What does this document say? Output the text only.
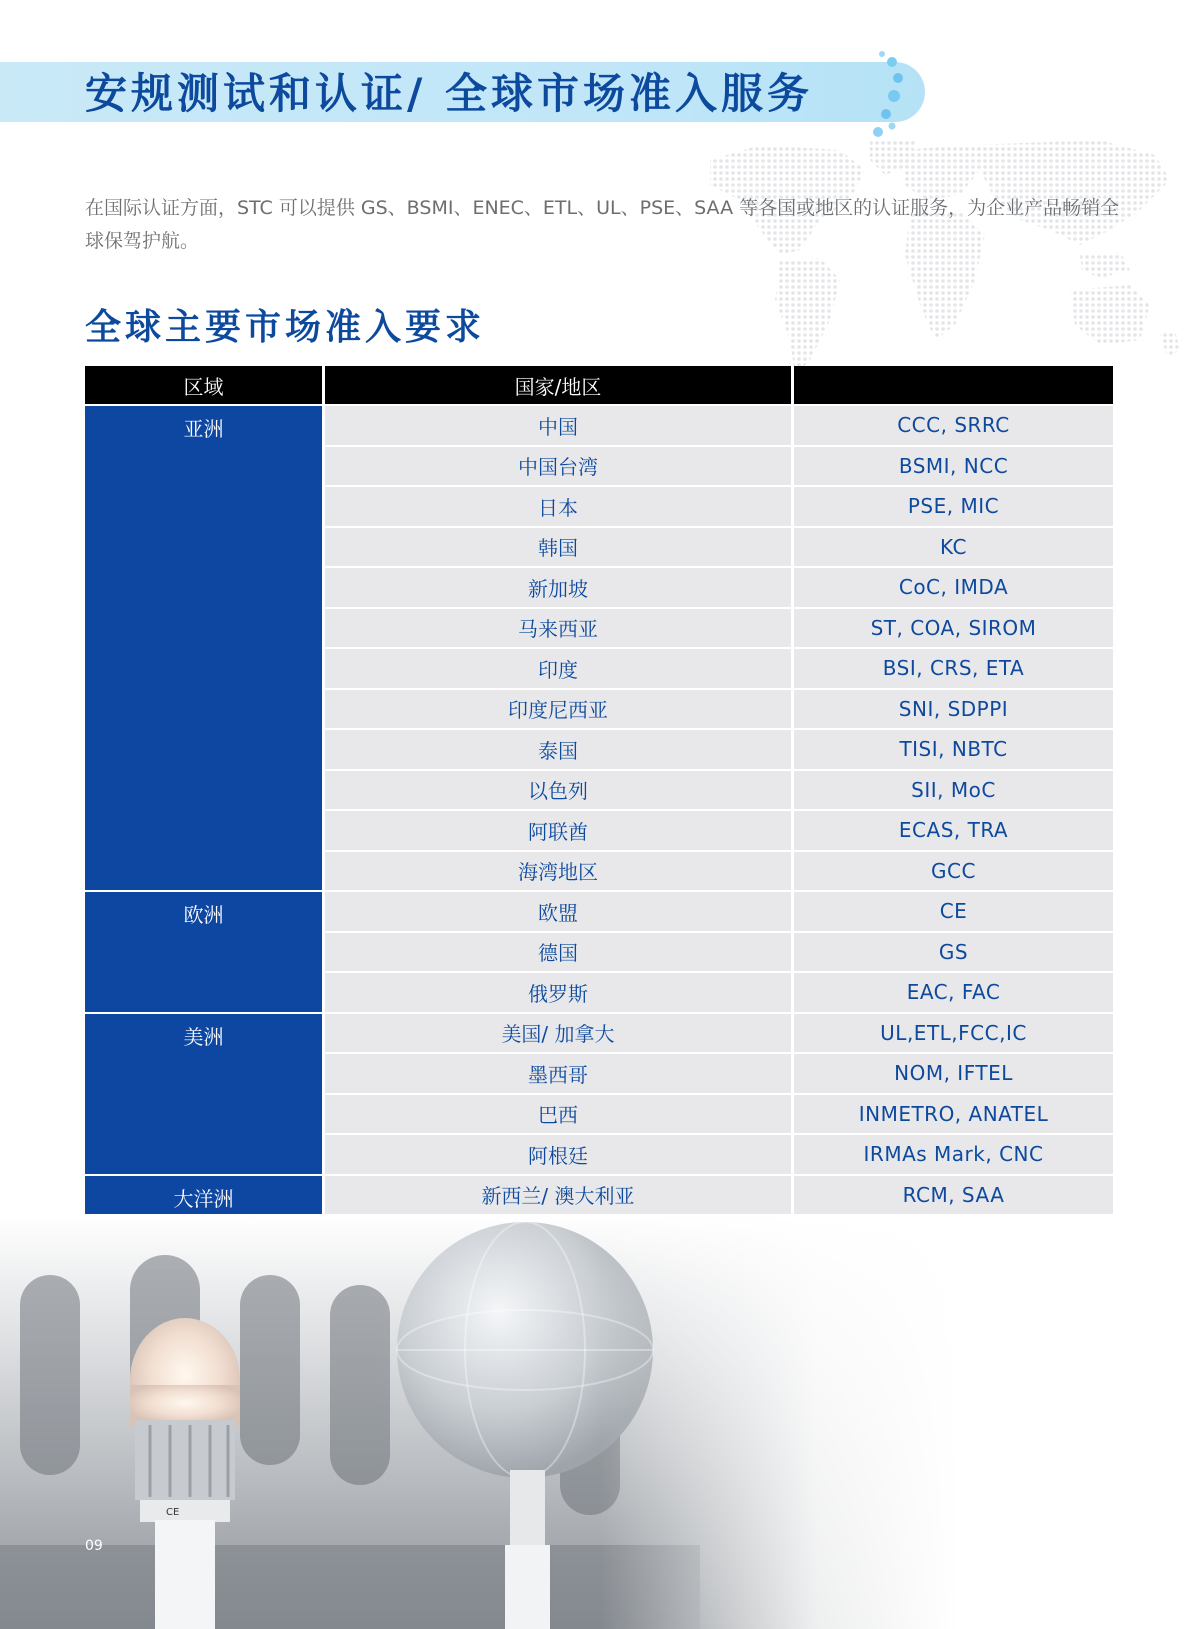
安规测试和认证/ 全球市场准入服务
在国际认证方面，STC 可以提供 GS、BSMI、ENEC、ETL、UL、PSE、SAA 等各国或地区的认证服务，为企业产品畅销全球保驾护航。
全球主要市场准入要求
区域	国家/地区
亚洲	中国	CCC, SRRC
中国台湾	BSMI, NCC
日本	PSE, MIC
韩国	KC
新加坡	CoC, IMDA
马来西亚	ST, COA, SIROM
印度	BSI, CRS, ETA
印度尼西亚	SNI, SDPPI
泰国	TISI, NBTC
以色列	SII, MoC
阿联酋	ECAS, TRA
海湾地区	GCC
欧洲	欧盟	CE
德国	GS
俄罗斯	EAC, FAC
美洲	美国/ 加拿大	UL,ETL,FCC,IC
墨西哥	NOM, IFTEL
巴西	INMETRO, ANATEL
阿根廷	IRMAs Mark, CNC
大洋洲	新西兰/ 澳大利亚	RCM, SAA
09
